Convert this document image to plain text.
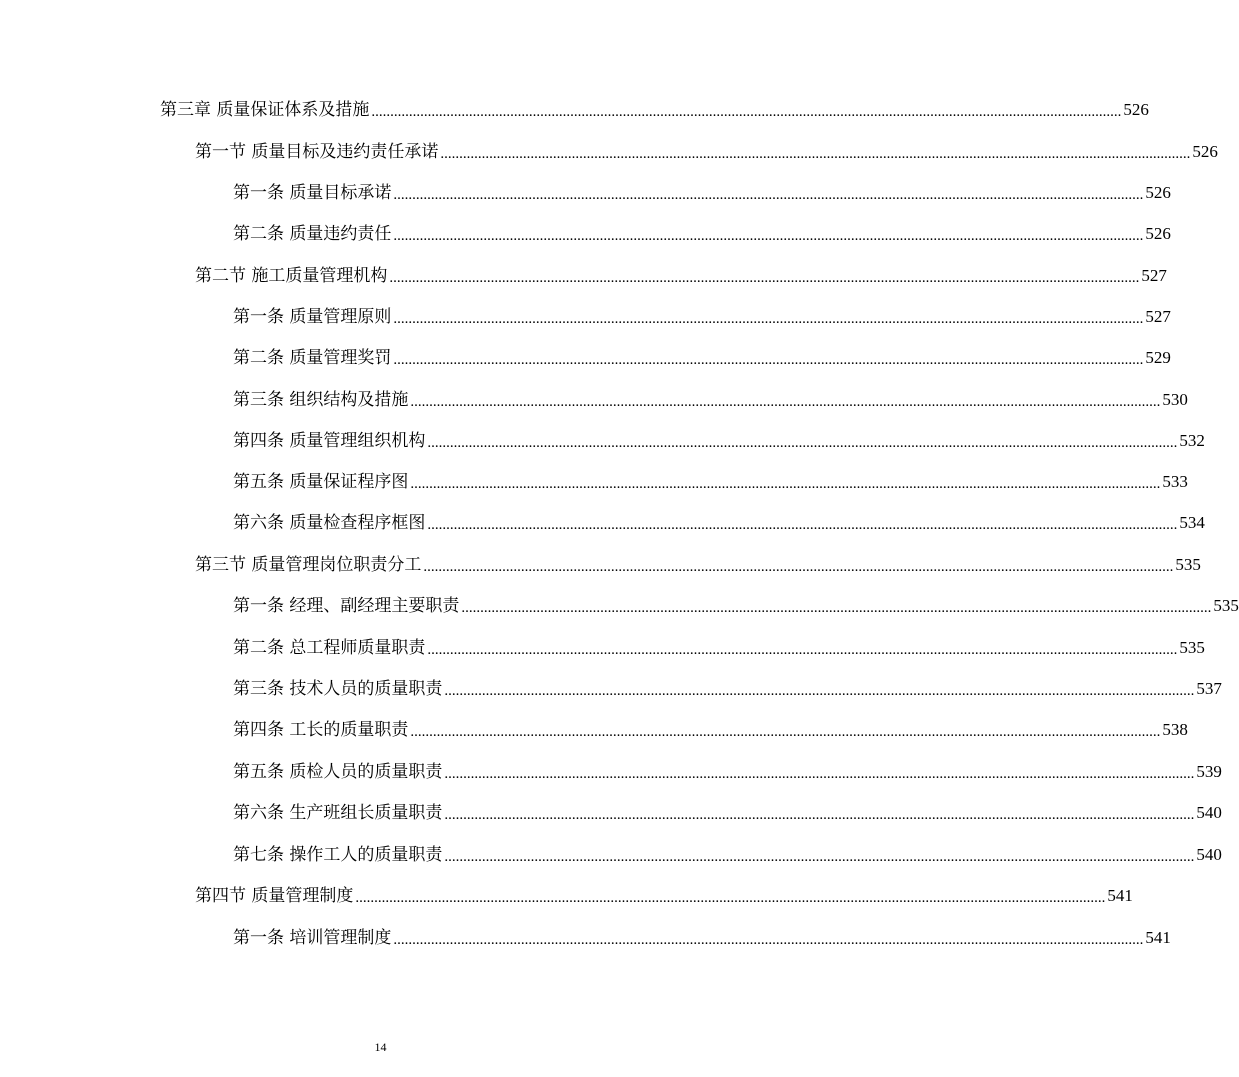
第三章 质量保证体系及措施 ........................................................................................................................................................................................................ 526
第一节 质量目标及违约责任承诺 ........................................................................................................................................................................................................ 526
第一条 质量目标承诺 ........................................................................................................................................................................................................ 526
第二条 质量违约责任 ........................................................................................................................................................................................................ 526
第二节 施工质量管理机构 ........................................................................................................................................................................................................ 527
第一条 质量管理原则 ........................................................................................................................................................................................................ 527
第二条 质量管理奖罚 ........................................................................................................................................................................................................ 529
第三条 组织结构及措施 ........................................................................................................................................................................................................ 530
第四条 质量管理组织机构 ........................................................................................................................................................................................................ 532
第五条 质量保证程序图 ........................................................................................................................................................................................................ 533
第六条 质量检查程序框图 ........................................................................................................................................................................................................ 534
第三节 质量管理岗位职责分工 ........................................................................................................................................................................................................ 535
第一条 经理、副经理主要职责 ........................................................................................................................................................................................................ 535
第二条 总工程师质量职责 ........................................................................................................................................................................................................ 535
第三条 技术人员的质量职责 ........................................................................................................................................................................................................ 537
第四条 工长的质量职责 ........................................................................................................................................................................................................ 538
第五条 质检人员的质量职责 ........................................................................................................................................................................................................ 539
第六条 生产班组长质量职责 ........................................................................................................................................................................................................ 540
第七条 操作工人的质量职责 ........................................................................................................................................................................................................ 540
第四节 质量管理制度 ........................................................................................................................................................................................................ 541
第一条 培训管理制度 ........................................................................................................................................................................................................ 541
14
